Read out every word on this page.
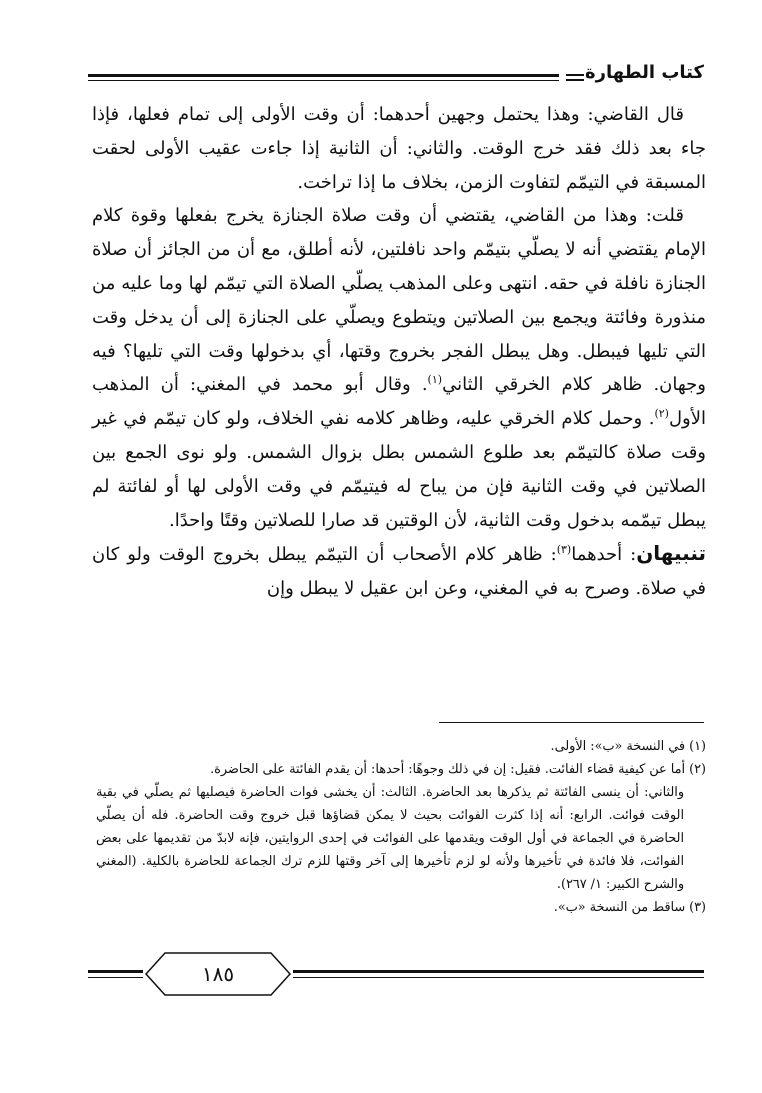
كتاب الطهارة

قال القاضي: وهذا يحتمل وجهين أحدهما: أن وقت الأولى إلى تمام فعلها، فإذا جاء بعد ذلك فقد خرج الوقت. والثاني: أن الثانية إذا جاءت عقيب الأولى لحقت المسبقة في التيمّم لتفاوت الزمن، بخلاف ما إذا تراخت.

قلت: وهذا من القاضي، يقتضي أن وقت صلاة الجنازة يخرج بفعلها وقوة كلام الإمام يقتضي أنه لا يصلّي بتيمّم واحد نافلتين، لأنه أطلق، مع أن من الجائز أن صلاة الجنازة نافلة في حقه. انتهى وعلى المذهب يصلّي الصلاة التي تيمّم لها وما عليه من منذورة وفائتة ويجمع بين الصلاتين ويتطوع ويصلّي على الجنازة إلى أن يدخل وقت التي تليها فيبطل. وهل يبطل الفجر بخروج وقتها، أي بدخولها وقت التي تليها؟ فيه وجهان. ظاهر كلام الخرقي الثاني$^{(١)}$. وقال أبو محمد في المغني: أن المذهب الأول$^{(٢)}$. وحمل كلام الخرقي عليه، وظاهر كلامه نفي الخلاف، ولو كان تيمّم في غير وقت صلاة كالتيمّم بعد طلوع الشمس بطل بزوال الشمس. ولو نوى الجمع بين الصلاتين في وقت الثانية فإن من يباح له فيتيمّم في وقت الأولى لها أو لفائتة لم يبطل تيمّمه بدخول وقت الثانية، لأن الوقتين قد صارا للصلاتين وقتًا واحدًا.

تنبيهان: أحدهما$^{(٣)}$: ظاهر كلام الأصحاب أن التيمّم يبطل بخروج الوقت ولو كان في صلاة. وصرح به في المغني، وعن ابن عقيل لا يبطل وإن

(١) في النسخة «ب»: الأولى.

(٢) أما عن كيفية قضاء الفائت. فقيل: إن في ذلك وجوهًا: أحدها: أن يقدم الفائتة على الحاضرة.

والثاني: أن ينسى الفائتة ثم يذكرها بعد الحاضرة. الثالث: أن يخشى فوات الحاضرة فيصليها ثم يصلّي في بقية الوقت فوائت. الرابع: أنه إذا كثرت الفوائت بحيث لا يمكن قضاؤها قبل خروج وقت الحاضرة. فله أن يصلّي الحاضرة في الجماعة في أول الوقت ويقدمها على الفوائت في إحدى الروايتين، فإنه لابدّ من تقديمها على بعض الفوائت، فلا فائدة في تأخيرها ولأنه لو لزم تأخيرها إلى آخر وقتها للزم ترك الجماعة للحاضرة بالكلية. (المغني والشرح الكبير: ١/ ٢٦٧).

(٣) ساقط من النسخة «ب».

١٨٥
